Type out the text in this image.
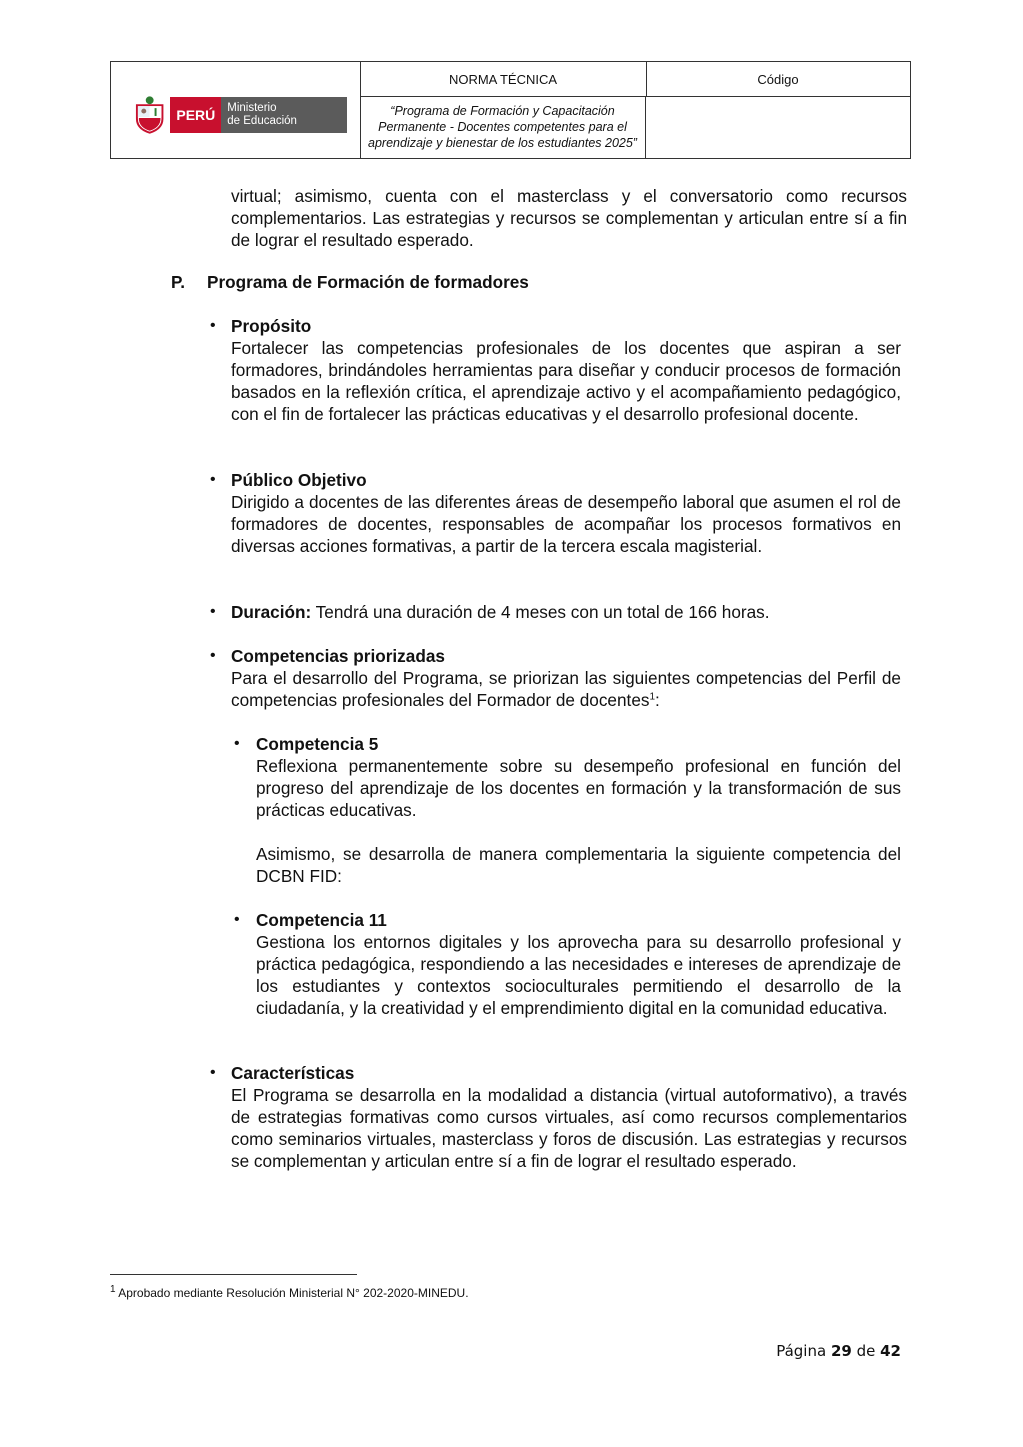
PERÚ	Ministerio
de Educación
NORMA TÉCNICA
“Programa de Formación y Capacitación Permanente - Docentes competentes para el aprendizaje y bienestar de los estudiantes 2025”
Código
virtual; asimismo, cuenta con el masterclass y el conversatorio como recursos complementarios. Las estrategias y recursos se complementan y articulan entre sí a fin de lograr el resultado esperado.
P. Programa de Formación de formadores
• Propósito
Fortalecer las competencias profesionales de los docentes que aspiran a ser formadores, brindándoles herramientas para diseñar y conducir procesos de formación basados en la reflexión crítica, el aprendizaje activo y el acompañamiento pedagógico, con el fin de fortalecer las prácticas educativas y el desarrollo profesional docente.
• Público Objetivo
Dirigido a docentes de las diferentes áreas de desempeño laboral que asumen el rol de formadores de docentes, responsables de acompañar los procesos formativos en diversas acciones formativas, a partir de la tercera escala magisterial.
• Duración: Tendrá una duración de 4 meses con un total de 166 horas.
• Competencias priorizadas
Para el desarrollo del Programa, se priorizan las siguientes competencias del Perfil de competencias profesionales del Formador de docentes$^1$:
• Competencia 5
Reflexiona permanentemente sobre su desempeño profesional en función del progreso del aprendizaje de los docentes en formación y la transformación de sus prácticas educativas.
Asimismo, se desarrolla de manera complementaria la siguiente competencia del DCBN FID:
• Competencia 11
Gestiona los entornos digitales y los aprovecha para su desarrollo profesional y práctica pedagógica, respondiendo a las necesidades e intereses de aprendizaje de los estudiantes y contextos socioculturales permitiendo el desarrollo de la ciudadanía, y la creatividad y el emprendimiento digital en la comunidad educativa.
• Características
El Programa se desarrolla en la modalidad a distancia (virtual autoformativo), a través de estrategias formativas como cursos virtuales, así como recursos complementarios como seminarios virtuales, masterclass y foros de discusión. Las estrategias y recursos se complementan y articulan entre sí a fin de lograr el resultado esperado.
$^1$ Aprobado mediante Resolución Ministerial N° 202-2020-MINEDU.
Página 29 de 42
